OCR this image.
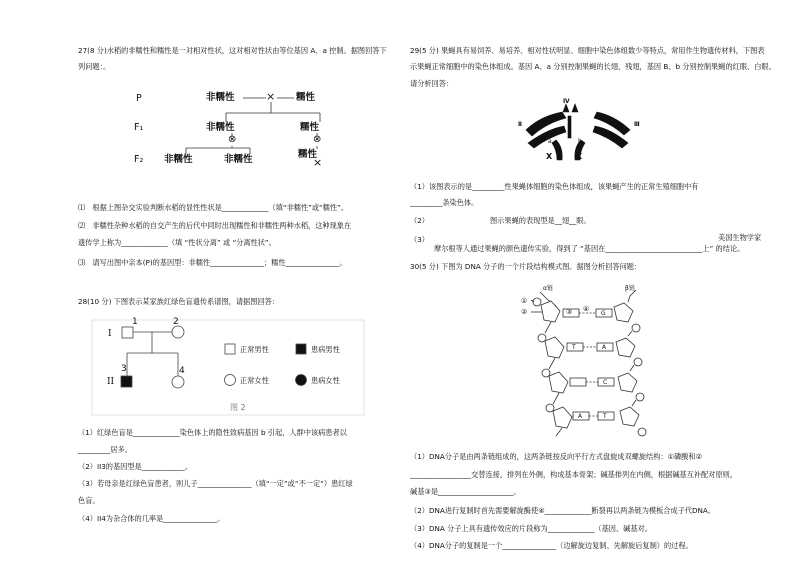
27(8 分)水稻的非糯性和糯性是一对相对性状，这对相对性状由等位基因 A、a 控制。据图回答下
列问题：。
P
F₁
F₂
非糯性	× 糯性
非糯性	糯性
⊗	⊗
非糯性	非糯性	糯性
×
⑴　根据上图杂交实验判断水稻的显性性状是_____________（填“非糯性”或“糯性”。
⑵　非糯性杂种水稻的自交产生的后代中同时出现糯性和非糯性两种水稻，这种现象在
遗传学上称为_____________（填 “性状分离” 或 “分离性状”。
⑶　请写出图中亲本(P)的基因型：非糯性_______________；糯性_______________。
28(10 分) 下图表示某家族红绿色盲遗传系谱图，请据图回答：
I
II
1	2
3	4
正常男性	患病男性
正常女性	患病女性
图 2
（1）红绿色盲是_____________染色体上的隐性致病基因 b 引起，人群中该病患者以
_________居多。
（2）II3的基因型是____________。
（3）若母亲是红绿色盲患者，则儿子_______________（填“一定”或“不一定”）患红绿
色盲。
（4）II4为杂合体的几率是_______________。
29(5 分) 果蝇具有易饲养、易培养、相对性状明显、细胞中染色体组数少等特点，常用作生物遗传材料，下图表
示果蝇正常细胞中的染色体组成。基因 A、a 分别控制果蝇的长翅、残翅，基因 B、b 分别控制果蝇的红眼、白眼。
请分析回答：
Ⅳ
Ⅱ	Ⅲ
a	b
X	X
（1）该图表示的是_________性果蝇体细胞的染色体组成，该果蝇产生的正常生殖细胞中有
_________条染色体。
（2）　　　　　　　　　图示果蝇的表现型是__翅__眼。
美国生物学家
（3）
摩尔根等人通过果蝇的颜色遗传实验，得到了 “基因在___________________________上” 的结论。
30(5 分) 下图为 DNA 分子的一个片段结构模式图。据图分析回答问题：
α链	β链
①
②	③ ④
G
T	A
C
A	T
（1）DNA分子是由两条链组成的，这两条链按反向平行方式盘旋成双螺旋结构：①磷酸和②
_________________交替连接，排列在外侧，构成基本骨架；碱基排列在内侧，根据碱基互补配对原则，
碱基③是_____________________。
（2）DNA进行复制时首先需要解旋酶使④_____________断裂再以两条链为模板合成子代DNA。
（3）DNA 分子上具有遗传效应的片段称为_____________（基因、碱基对。
（4）DNA分子的复制是一个_______________（边解旋边复制、先解旋后复制）的过程。
